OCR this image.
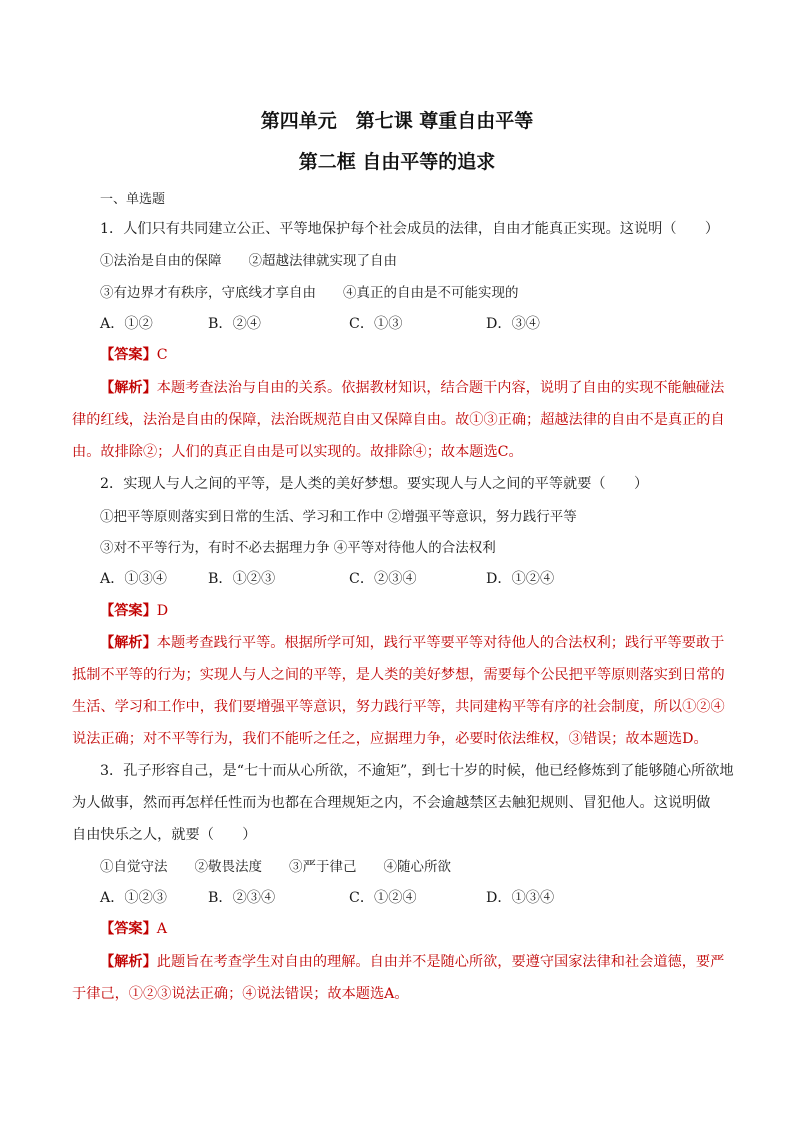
第四单元　第七课 尊重自由平等
第二框 自由平等的追求
一、单选题
1．人们只有共同建立公正、平等地保护每个社会成员的法律，自由才能真正实现。这说明（　　）
①法治是自由的保障　　②超越法律就实现了自由
③有边界才有秩序，守底线才享自由　　④真正的自由是不可能实现的
A．①②	B．②④	C．①③	D．③④
【答案】C
【解析】本题考查法治与自由的关系。依据教材知识，结合题干内容，说明了自由的实现不能触碰法
律的红线，法治是自由的保障，法治既规范自由又保障自由。故①③正确；超越法律的自由不是真正的自
由。故排除②；人们的真正自由是可以实现的。故排除④；故本题选C。
2．实现人与人之间的平等，是人类的美好梦想。要实现人与人之间的平等就要（　　）
①把平等原则落实到日常的生活、学习和工作中 ②增强平等意识，努力践行平等
③对不平等行为，有时不必去据理力争 ④平等对待他人的合法权利
A．①③④	B．①②③	C．②③④	D．①②④
【答案】D
【解析】本题考查践行平等。根据所学可知，践行平等要平等对待他人的合法权利；践行平等要敢于
抵制不平等的行为；实现人与人之间的平等，是人类的美好梦想，需要每个公民把平等原则落实到日常的
生活、学习和工作中，我们要增强平等意识，努力践行平等，共同建构平等有序的社会制度，所以①②④
说法正确；对不平等行为，我们不能听之任之，应据理力争，必要时依法维权，③错误；故本题选D。
3．孔子形容自己，是“七十而从心所欲，不逾矩”，到七十岁的时候，他已经修炼到了能够随心所欲地
为人做事，然而再怎样任性而为也都在合理规矩之内，不会逾越禁区去触犯规则、冒犯他人。这说明做
自由快乐之人，就要（　　）
①自觉守法　　②敬畏法度　　③严于律己　　④随心所欲
A．①②③	B．②③④	C．①②④	D．①③④
【答案】A
【解析】此题旨在考查学生对自由的理解。自由并不是随心所欲，要遵守国家法律和社会道德，要严
于律己，①②③说法正确；④说法错误；故本题选A。
